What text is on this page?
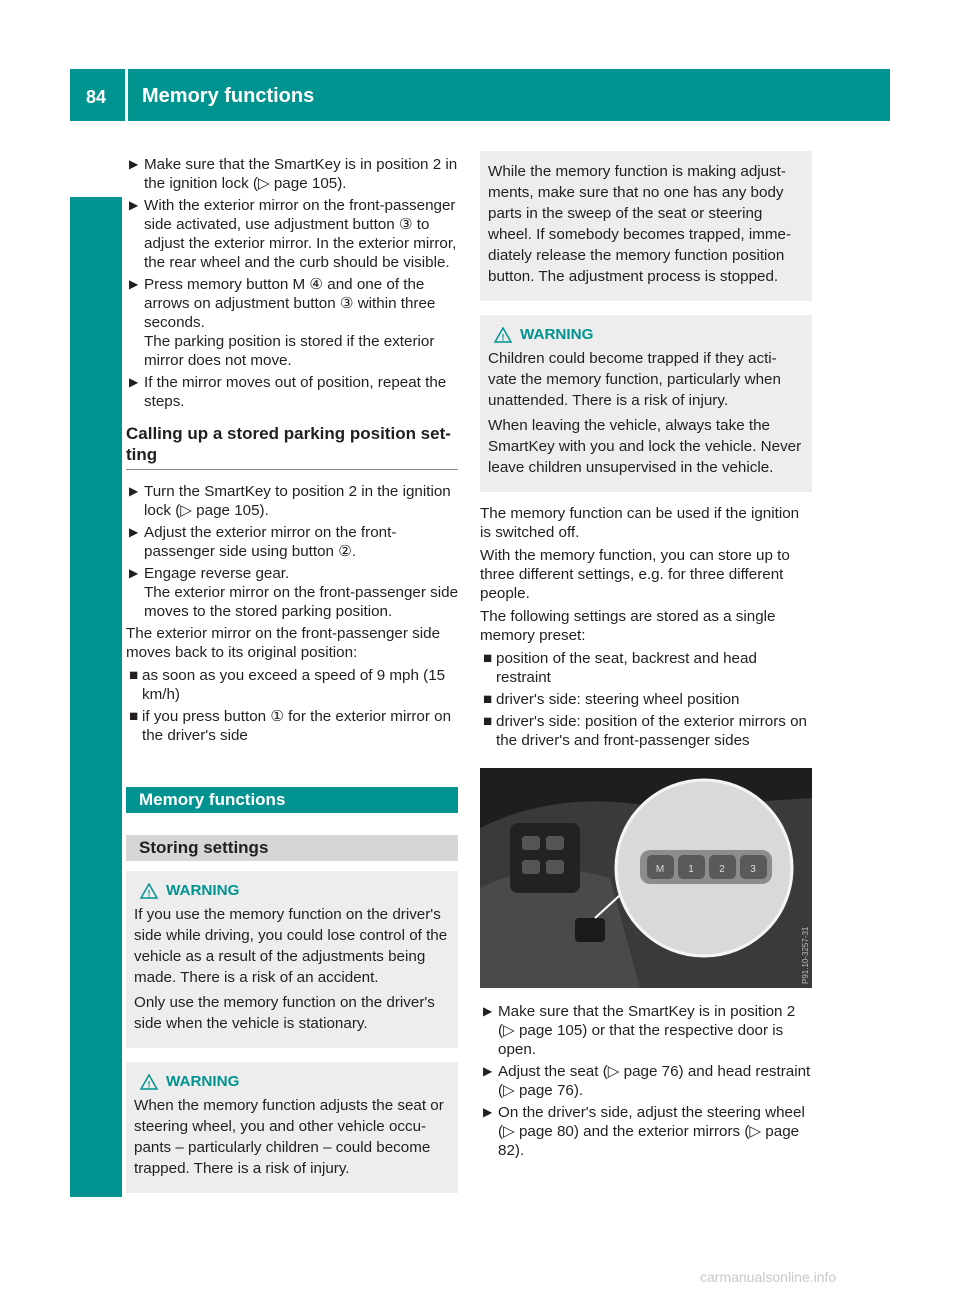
84 Memory functions
Seats, steering wheel and mirrors
▶ Make sure that the SmartKey is in position 2 in the ignition lock (▷ page 105).
▶ With the exterior mirror on the front-passenger side activated, use adjustment button ③ to adjust the exterior mirror. In the exterior mirror, the rear wheel and the curb should be visible.
▶ Press memory button M ④ and one of the arrows on adjustment button ③ within three seconds.
The parking position is stored if the exterior mirror does not move.
▶ If the mirror moves out of position, repeat the steps.
Calling up a stored parking position set-ting
▶ Turn the SmartKey to position 2 in the ignition lock (▷ page 105).
▶ Adjust the exterior mirror on the front-passenger side using button ②.
▶ Engage reverse gear.
The exterior mirror on the front-passenger side moves to the stored parking position.

The exterior mirror on the front-passenger side moves back to its original position:

■ as soon as you exceed a speed of 9 mph (15 km/h)
■ if you press button ① for the exterior mirror on the driver's side
Memory functions
Storing settings
! WARNING

If you use the memory function on the driver's side while driving, you could lose control of the vehicle as a result of the adjustments being made. There is a risk of an accident.

Only use the memory function on the driver's side when the vehicle is stationary.

! WARNING

When the memory function adjusts the seat or steering wheel, you and other vehicle occu-pants – particularly children – could become trapped. There is a risk of injury.

While the memory function is making adjust-ments, make sure that no one has any body parts in the sweep of the seat or steering wheel. If somebody becomes trapped, imme-diately release the memory function position button. The adjustment process is stopped.

! WARNING

Children could become trapped if they acti-vate the memory function, particularly when unattended. There is a risk of injury.

When leaving the vehicle, always take the SmartKey with you and lock the vehicle. Never leave children unsupervised in the vehicle.

The memory function can be used if the ignition is switched off.

With the memory function, you can store up to three different settings, e.g. for three different people.

The following settings are stored as a single memory preset:

■ position of the seat, backrest and head restraint
■ driver's side: steering wheel position
■ driver's side: position of the exterior mirrors on the driver's and front-passenger sides
M 1	2	3
P91.10-3257-31
▶ Make sure that the SmartKey is in position 2 (▷ page 105) or that the respective door is open.
▶ Adjust the seat (▷ page 76) and head restraint (▷ page 76).
▶ On the driver's side, adjust the steering wheel (▷ page 80) and the exterior mirrors (▷ page 82).
carmanualsonline.info
